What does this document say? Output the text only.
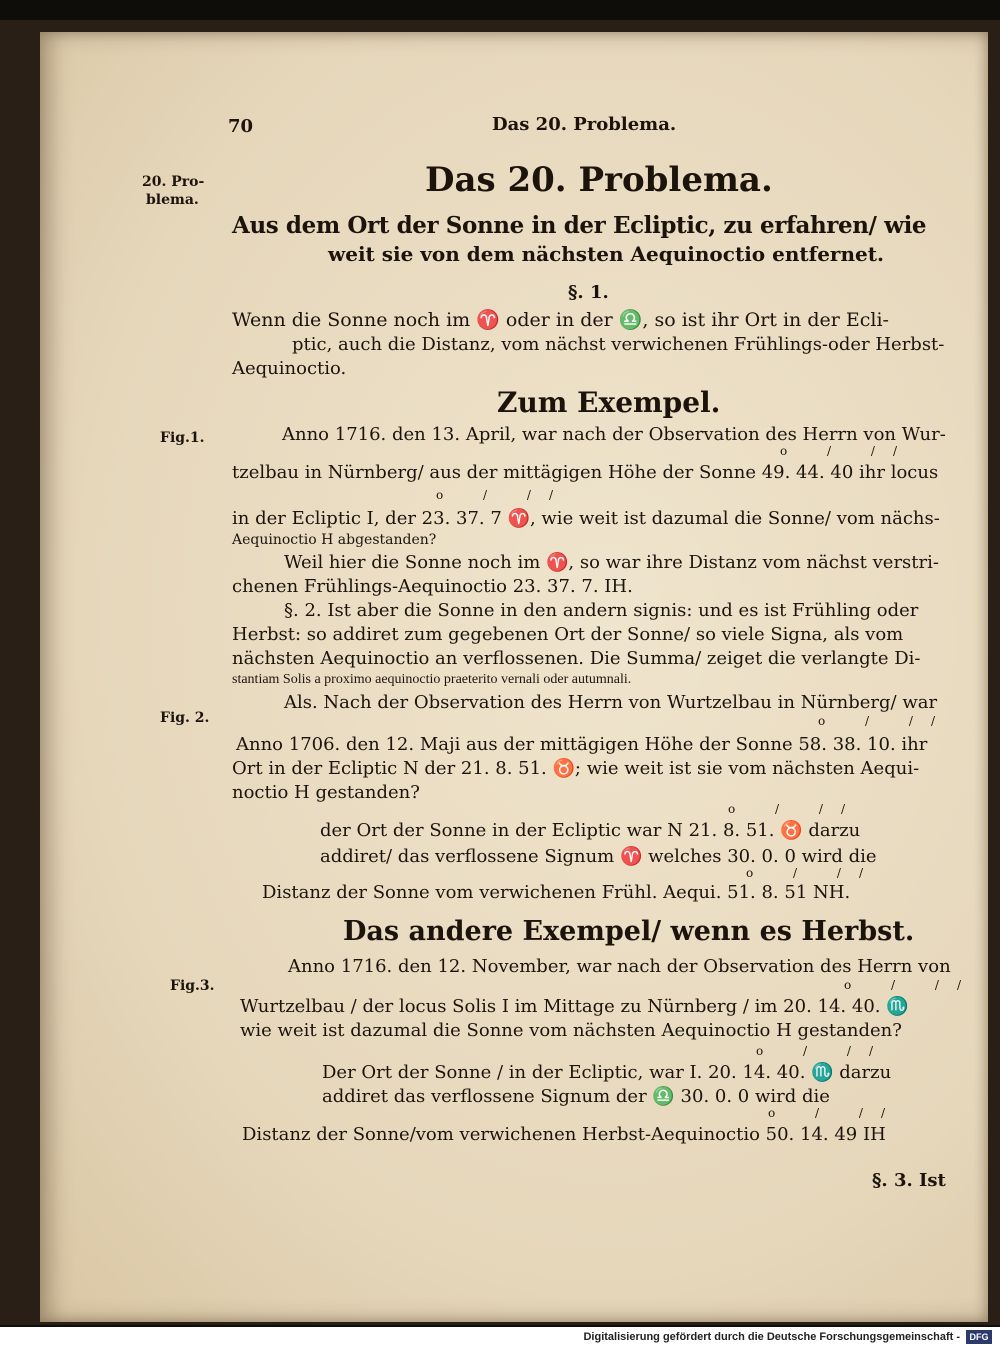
70	Das 20. Problema.
20. Pro-
blema.
Fig.1.
Fig. 2.
Fig.3.
Das 20. Problema.
Aus dem Ort der Sonne in der Ecliptic, zu erfahren/ wie
weit sie von dem nächsten Aequinoctio entfernet.
§. 1.
Wenn die Sonne noch im ♈ oder in der ♎, so ist ihr Ort in der Ecli-
ptic, auch die Distanz, vom nächst verwichenen Frühlings-oder Herbst-
Aequinoctio.
Zum Exempel.
Anno 1716. den 13. April, war nach der Observation des Herrn von Wur-
o / //
tzelbau in Nürnberg/ aus der mittägigen Höhe der Sonne 49. 44. 40 ihr locus
o / //
in der Ecliptic I, der 23. 37. 7 ♈, wie weit ist dazumal die Sonne/ vom nächs-
Aequinoctio H abgestanden?
Weil hier die Sonne noch im ♈, so war ihre Distanz vom nächst verstri-
chenen Frühlings-Aequinoctio 23. 37. 7. IH.
§. 2. Ist aber die Sonne in den andern signis: und es ist Frühling oder
Herbst: so addiret zum gegebenen Ort der Sonne/ so viele Signa, als vom
nächsten Aequinoctio an verflossenen. Die Summa/ zeiget die verlangte Di-
stantiam Solis a proximo aequinoctio praeterito vernali oder autumnali.
Als. Nach der Observation des Herrn von Wurtzelbau in Nürnberg/ war
o / //
Anno 1706. den 12. Maji aus der mittägigen Höhe der Sonne 58. 38. 10. ihr
Ort in der Ecliptic N der 21. 8. 51. ♉; wie weit ist sie vom nächsten Aequi-
noctio H gestanden?
o / //
der Ort der Sonne in der Ecliptic war N 21. 8. 51. ♉ darzu
addiret/ das verflossene Signum ♈ welches 30. 0. 0 wird die
o / //
Distanz der Sonne vom verwichenen Frühl. Aequi. 51. 8. 51 NH.
Das andere Exempel/ wenn es Herbst.
Anno 1716. den 12. November, war nach der Observation des Herrn von
o / //
Wurtzelbau / der locus Solis I im Mittage zu Nürnberg / im 20. 14. 40. ♏
wie weit ist dazumal die Sonne vom nächsten Aequinoctio H gestanden?
o / //
Der Ort der Sonne / in der Ecliptic, war I. 20. 14. 40. ♏ darzu
addiret das verflossene Signum der ♎ 30. 0. 0 wird die
o / //
Distanz der Sonne/vom verwichenen Herbst-Aequinoctio 50. 14. 49 IH
§. 3. Ist
Digitalisierung gefördert durch die Deutsche Forschungsgemeinschaft -	DFG
